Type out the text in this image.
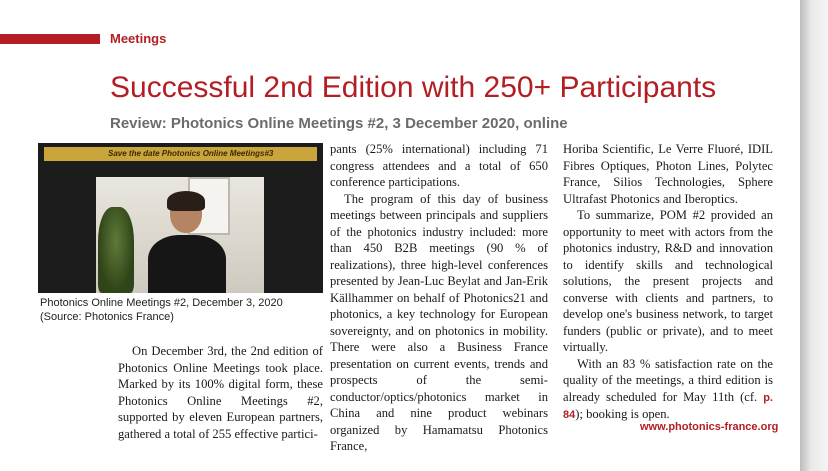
Meetings
Successful 2nd Edition with 250+ Participants
Review: Photonics Online Meetings #2, 3 December 2020, online
Save the date Photonics Online Meetings#3
Photonics Online Meetings #2, December 3, 2020
(Source: Photonics France)

On December 3rd, the 2nd edition of Photonics Online Meetings took place. Marked by its 100% digital form, these Photonics Online Meetings #2, supported by eleven European partners, gathered a total of 255 effective partici-

pants (25% international) including 71 congress attendees and a total of 650 conference participations.

The program of this day of business meetings between principals and suppliers of the photonics industry included: more than 450 B2B meetings (90 % of realizations), three high-level conferences presented by Jean-Luc Beylat and Jan-Erik Källhammer on behalf of Photonics21 and photonics, a key technology for European sovereignty, and on photonics in mobility. There were also a Business France presentation on current events, trends and prospects of the semi-conductor/optics/photonics market in China and nine product webinars organized by Hamamatsu Photonics France,

Horiba Scientific, Le Verre Fluoré, IDIL Fibres Optiques, Photon Lines, Polytec France, Silios Technologies, Sphere Ultrafast Photonics and Iberoptics.

To summarize, POM #2 provided an opportunity to meet with actors from the photonics industry, R&D and innovation to identify skills and technological solutions, the present projects and converse with clients and partners, to develop one's business network, to target funders (public or private), and to meet virtually.

With an 83 % satisfaction rate on the quality of the meetings, a third edition is already scheduled for May 11th (cf. p. 84); booking is open.

www.photonics-france.org
